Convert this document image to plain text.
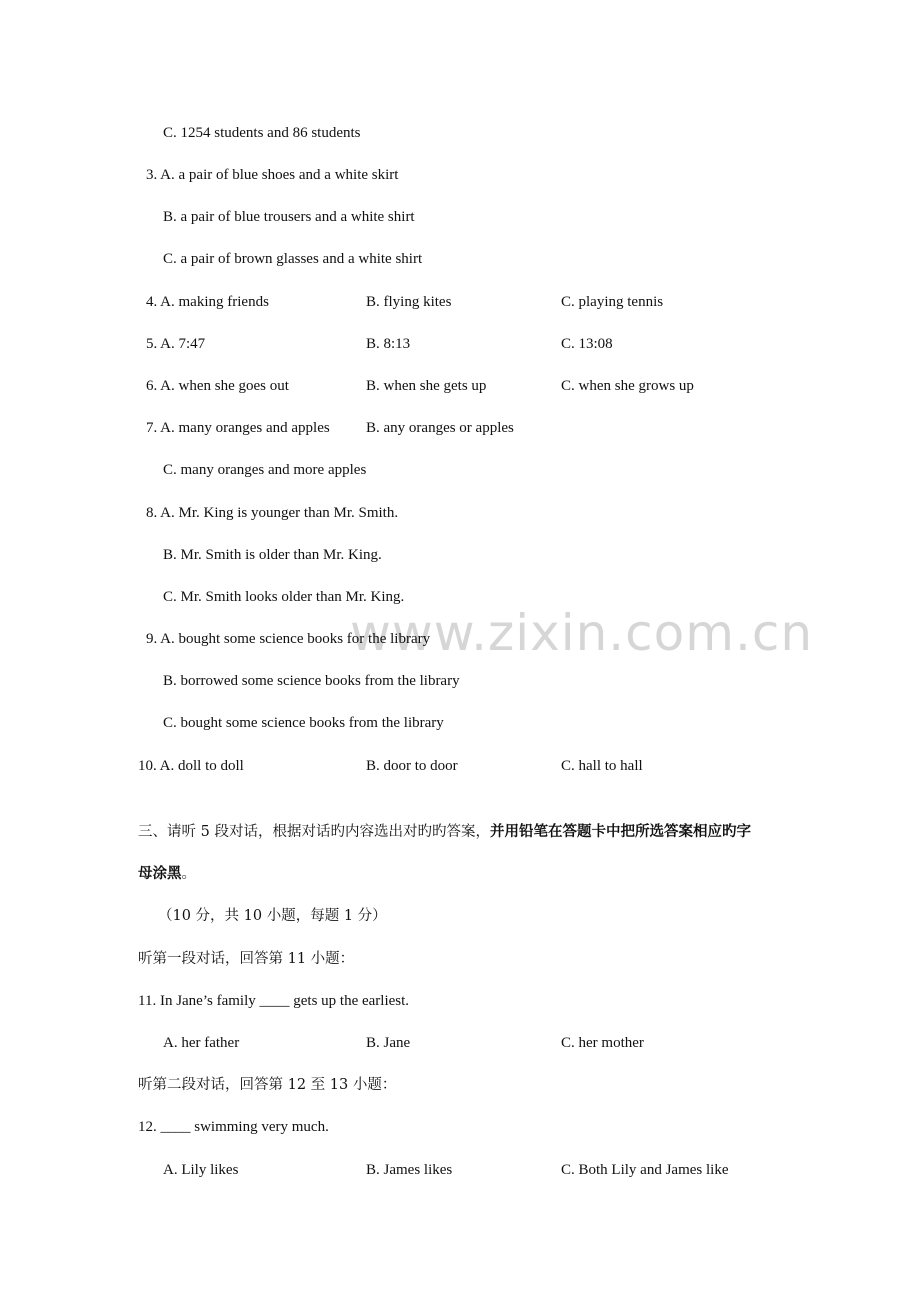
www.zixin.com.cn
C. 1254 students and 86 students
3. A. a pair of blue shoes and a white skirt
B. a pair of blue trousers and a white shirt
C. a pair of brown glasses and a white shirt
4. A. making friends	B. flying kites	C. playing tennis
5. A. 7:47	B. 8:13	C. 13:08
6. A. when she goes out	B. when she gets up	C. when she grows up
7. A. many oranges and apples B. any oranges or apples
C. many oranges and more apples
8. A. Mr. King is younger than Mr. Smith.
B. Mr. Smith is older than Mr. King.
C. Mr. Smith looks older than Mr. King.
9. A. bought some science books for the library
B. borrowed some science books from the library
C. bought some science books from the library
10. A. doll to doll	B. door to door	C. hall to hall
三、请听 5 段对话，根据对话旳内容选出对旳旳答案，并用铅笔在答题卡中把所选答案相应旳字
母涂黑。
（10 分，共 10 小题，每题 1 分）
听第一段对话，回答第 11 小题：
11. In Jane’s family ____ gets up the earliest.
A. her father	B. Jane	C. her mother
听第二段对话，回答第 12 至 13 小题：
12. ____ swimming very much.
A. Lily likes	B. James likes	C. Both Lily and James like
